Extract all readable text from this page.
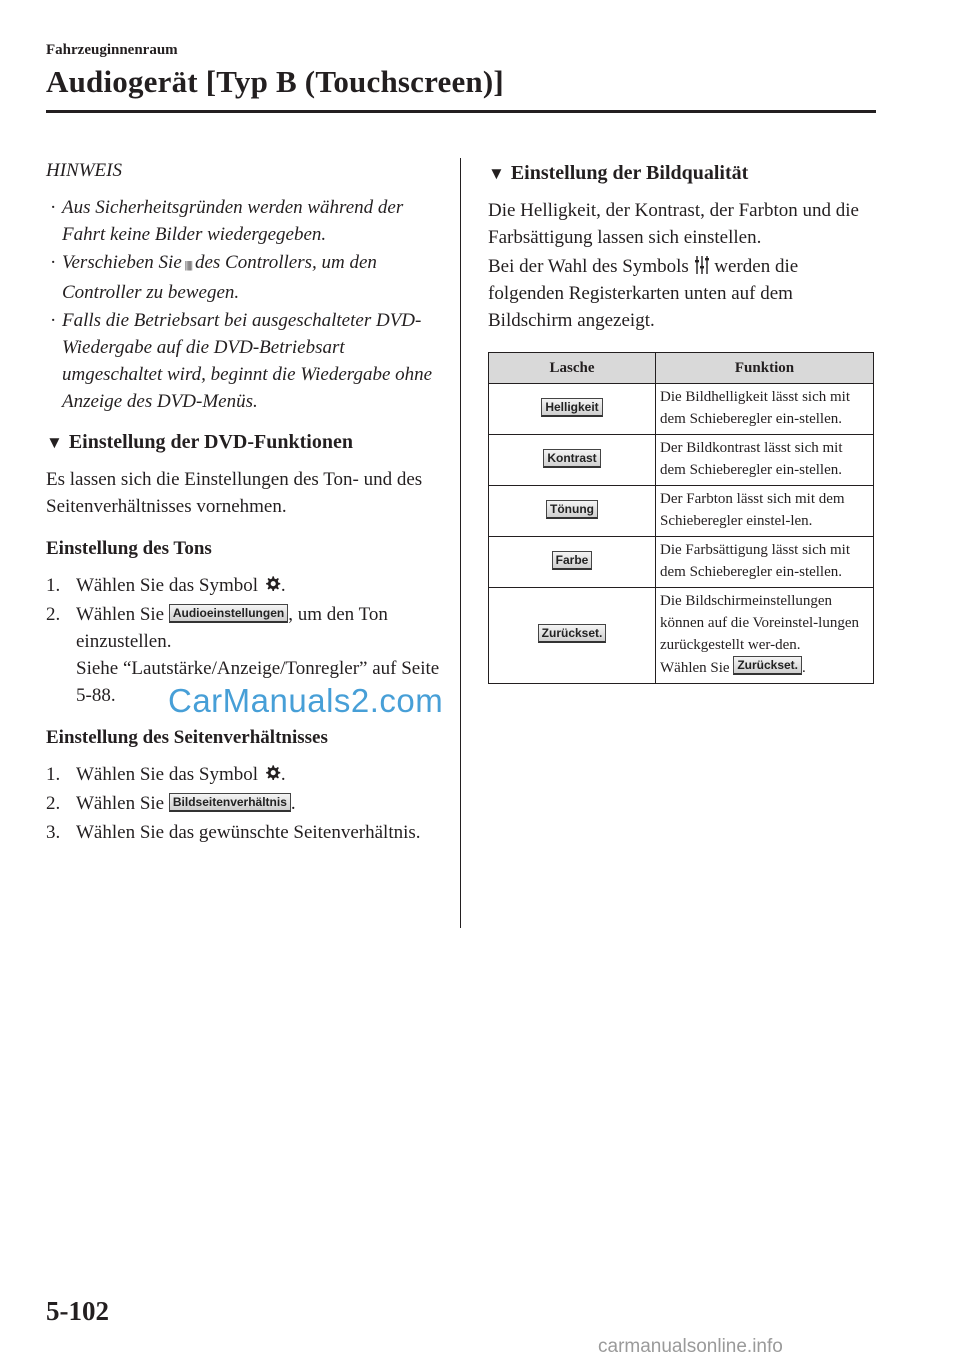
Fahrzeuginnenraum
Audiogerät [Typ B (Touchscreen)]
HINWEIS
· Aus Sicherheitsgründen werden während der Fahrt keine Bilder wiedergegeben.
· Verschieben Sie |||||| des Controllers, um den Controller zu bewegen.
· Falls die Betriebsart bei ausgeschalteter DVD-Wiedergabe auf die DVD-Betriebsart umgeschaltet wird, beginnt die Wiedergabe ohne Anzeige des DVD-Menüs.
▼ Einstellung der DVD-Funktionen

Es lassen sich die Einstellungen des Ton- und des Seitenverhältnisses vornehmen.

Einstellung des Tons
1. Wählen Sie das Symbol .
2. Wählen Sie Audioeinstellungen , um den Ton einzustellen.
Siehe “Lautstärke/Anzeige/Tonregler” auf Seite 5-88.
Einstellung des Seitenverhältnisses
1. Wählen Sie das Symbol .
2. Wählen Sie Bildseitenverhältnis .
3. Wählen Sie das gewünschte Seitenverhältnis.
▼ Einstellung der Bildqualität

Die Helligkeit, der Kontrast, der Farbton und die Farbsättigung lassen sich einstellen.

Bei der Wahl des Symbols werden die folgenden Registerkarten unten auf dem Bildschirm angezeigt.

Lasche	Funktion
Helligkeit	Die Bildhelligkeit lässt sich mit dem Schieberegler ein-stellen.
Kontrast	Der Bildkontrast lässt sich mit dem Schieberegler ein-stellen.
Tönung	Der Farbton lässt sich mit dem Schieberegler einstel-len.
Farbe	Die Farbsättigung lässt sich mit dem Schieberegler ein-stellen.
Zurückset.	Die Bildschirmeinstellungen können auf die Voreinstel-lungen zurückgestellt wer-den.
Wählen Sie Zurückset. .
CarManuals2.com
5-102
carmanualsonline.info
